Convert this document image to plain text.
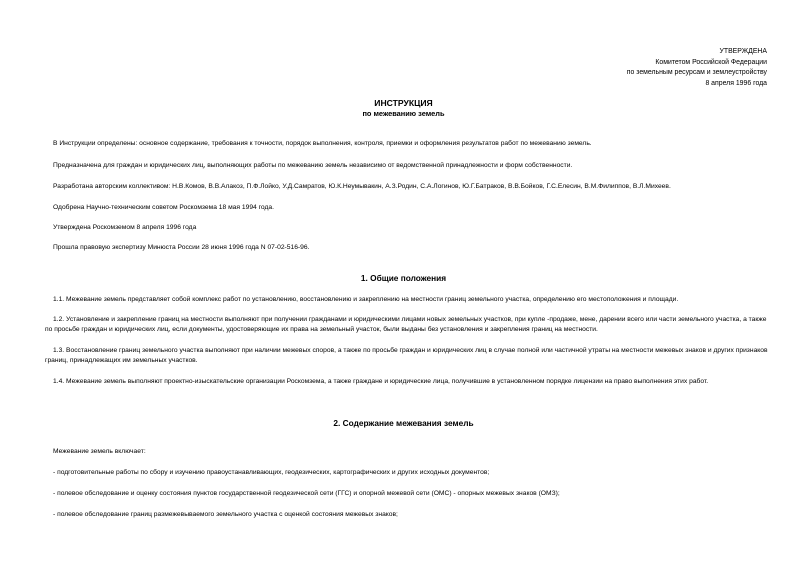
УТВЕРЖДЕНА
Комитетом Российской Федерации
по земельным ресурсам и землеустройству
8 апреля 1996 года
ИНСТРУКЦИЯ
по межеванию земель
В Инструкции определены: основное содержание, требования к точности, порядок выполнения, контроля, приемки и оформления результатов работ по межеванию земель.
Предназначена для граждан и юридических лиц, выполняющих работы по межеванию земель независимо от ведомственной принадлежности и форм собственности.
Разработана авторским коллективом: Н.В.Комов, В.В.Алакоз, П.Ф.Лойко, У.Д.Самратов, Ю.К.Неумывакин, А.З.Родин, С.А.Логинов, Ю.Г.Батраков, В.В.Бойков, Г.С.Елесин, В.М.Филиппов, В.Л.Михеев.
Одобрена Научно-техническим советом Роскомзема 18 мая 1994 года.
Утверждена Роскомземом 8 апреля 1996 года
Прошла правовую экспертизу Минюста России 28 июня 1996 года N 07-02-516-96.
1. Общие положения
1.1. Межевание земель представляет собой комплекс работ по установлению, восстановлению и закреплению на местности границ земельного участка, определению его местоположения и площади.
1.2. Установление и закрепление границ на местности выполняют при получении гражданами и юридическими лицами новых земельных участков, при купле -продаже, мене, дарении всего или части земельного участка, а также по просьбе граждан и юридических лиц, если документы, удостоверяющие их права на земельный участок, были выданы без установления и закрепления границ на местности.
1.3. Восстановление границ земельного участка выполняют при наличии межевых споров, а также по просьбе граждан и юридических лиц в случае полной или частичной утраты на местности межевых знаков и других признаков границ, принадлежащих им земельных участков.
1.4. Межевание земель выполняют проектно-изыскательские организации Роскомзема, а также граждане и юридические лица, получившие в установленном порядке лицензии на право выполнения этих работ.
2. Содержание межевания земель
Межевание земель включает:
- подготовительные работы по сбору и изучению правоустанавливающих, геодезических, картографических и других исходных документов;
- полевое обследование и оценку состояния пунктов государственной геодезической сети (ГГС) и опорной межевой сети (ОМС) - опорных межевых знаков (ОМЗ);
- полевое обследование границ размежевываемого земельного участка с оценкой состояния межевых знаков;
